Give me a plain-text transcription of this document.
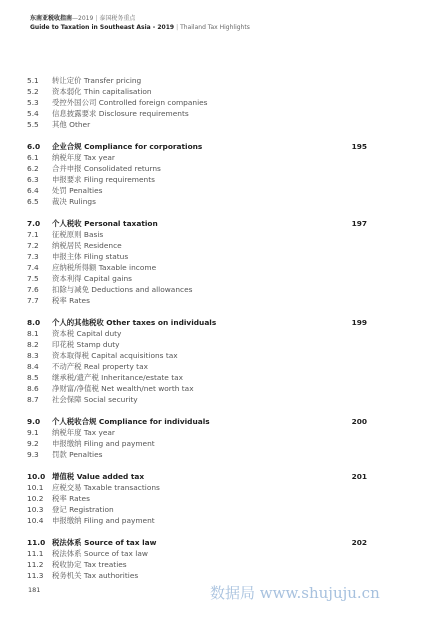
东南亚税收指南—2019 | 泰国税务重点
Guide to Taxation in Southeast Asia - 2019 | Thailand Tax Highlights
5.1 转让定价 Transfer pricing
5.2 资本弱化 Thin capitalisation
5.3 受控外国公司 Controlled foreign companies
5.4 信息披露要求 Disclosure requirements
5.5 其他 Other
6.0 企业合规 Compliance for corporations	195
6.1 纳税年度 Tax year
6.2 合并申报 Consolidated returns
6.3 申报要求 Filing requirements
6.4 处罚 Penalties
6.5 裁决 Rulings
7.0 个人税收 Personal taxation	197
7.1 征税原则 Basis
7.2 纳税居民 Residence
7.3 申报主体 Filing status
7.4 应纳税所得额 Taxable income
7.5 资本利得 Capital gains
7.6 扣除与减免 Deductions and allowances
7.7 税率 Rates
8.0 个人的其他税收 Other taxes on individuals	199
8.1 资本税 Capital duty
8.2 印花税 Stamp duty
8.3 资本取得税 Capital acquisitions tax
8.4 不动产税 Real property tax
8.5 继承税/遗产税 Inheritance/estate tax
8.6 净财富/净值税 Net wealth/net worth tax
8.7 社会保障 Social security
9.0 个人税收合规 Compliance for individuals	200
9.1 纳税年度 Tax year
9.2 申报缴纳 Filing and payment
9.3 罚款 Penalties
10.0 增值税 Value added tax	201
10.1 应税交易 Taxable transactions
10.2 税率 Rates
10.3 登记 Registration
10.4 申报缴纳 Filing and payment
11.0 税法体系 Source of tax law	202
11.1 税法体系 Source of tax law
11.2 税收协定 Tax treaties
11.3 税务机关 Tax authorities
181	数据局 www.shujuju.cn
